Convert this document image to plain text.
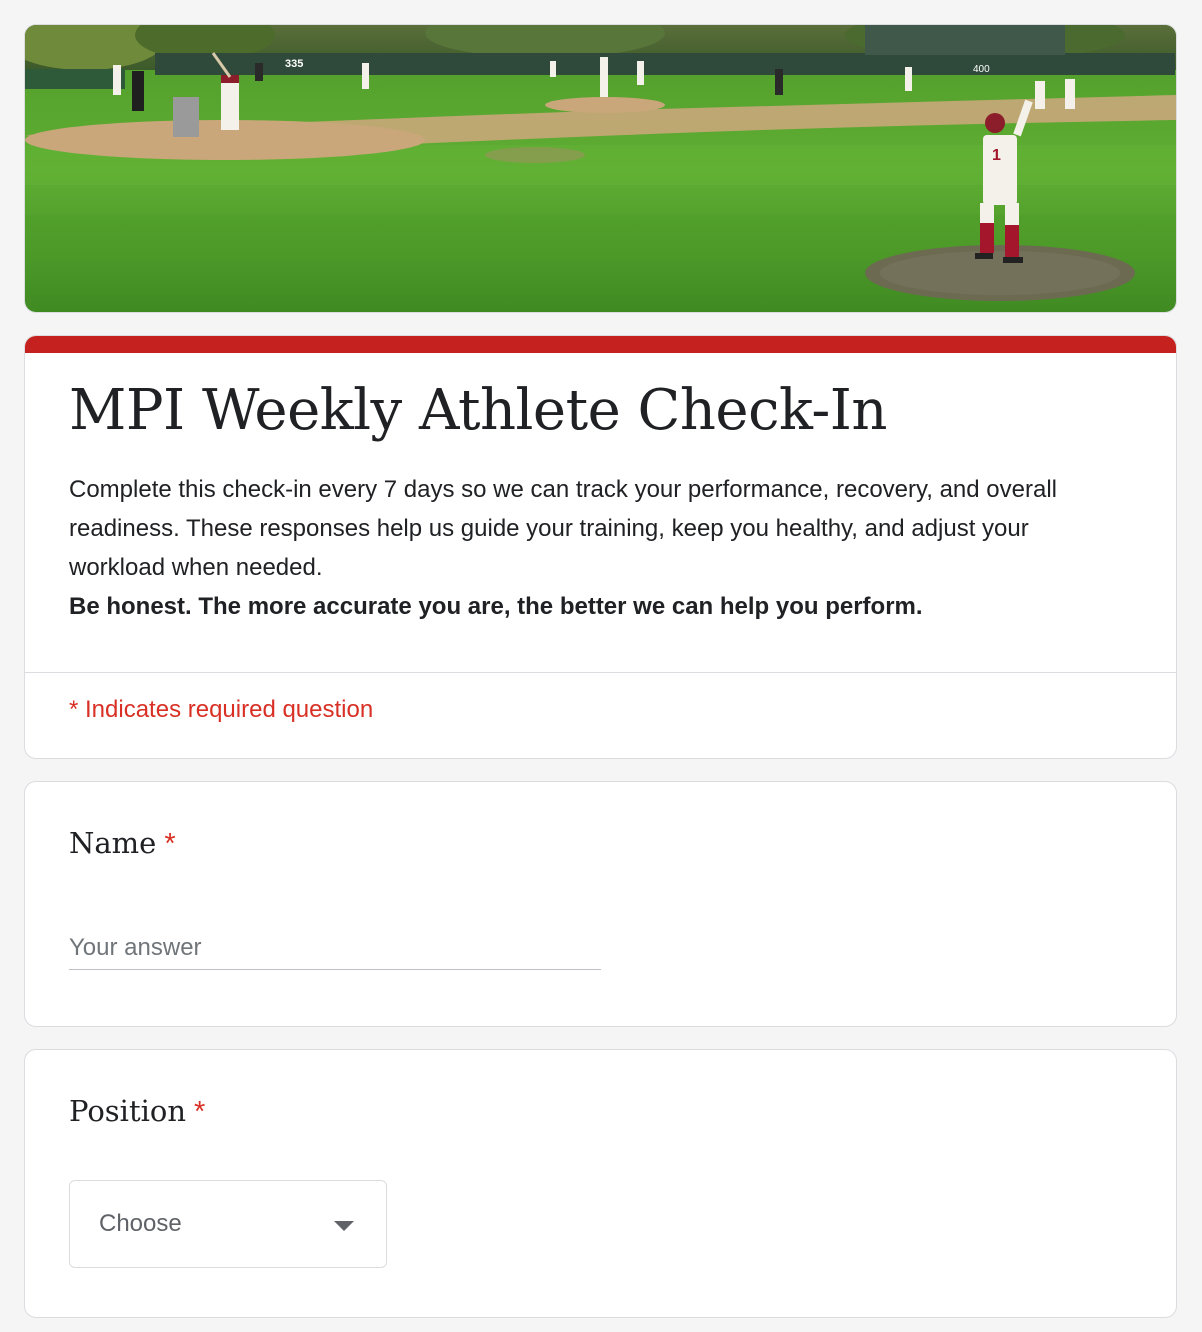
335	400
1
MPI Weekly Athlete Check-In
Complete this check-in every 7 days so we can track your performance, recovery, and overall readiness. These responses help us guide your training, keep you healthy, and adjust your workload when needed.
Be honest. The more accurate you are, the better we can help you perform.
* Indicates required question
Name *
Your answer
Position *
Choose
